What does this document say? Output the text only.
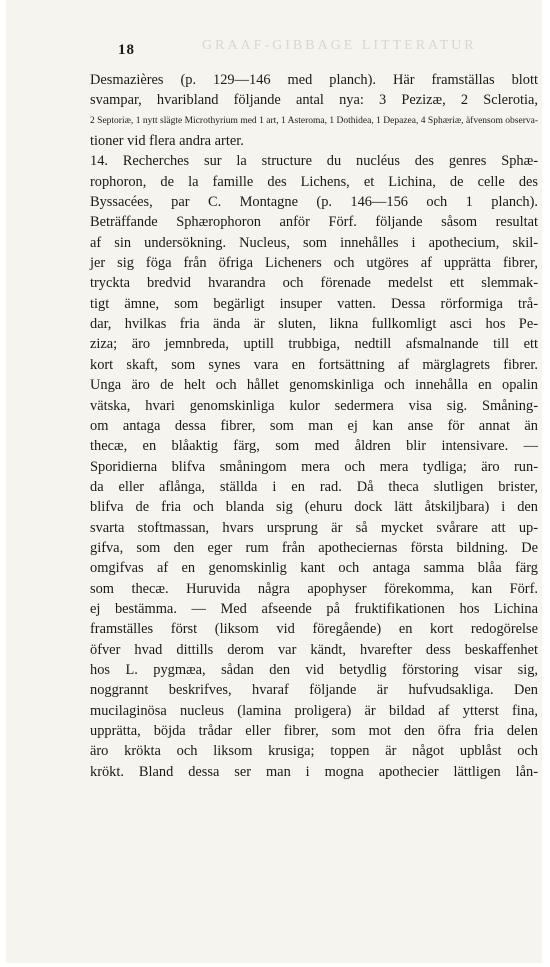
GRAAF-GIBBAGE LITTERATUR
18
Desmazières (p. 129—146 med planch). Här framställas blott
svampar, hvaribland följande antal nya: 3 Pezizæ, 2 Sclerotia,
2 Septoriæ, 1 nytt slägte Microthyrium med 1 art, 1 Asteroma, 1 Dothidea, 1 Depazea, 4 Sphæriæ, äfvensom observa-
tioner vid flera andra arter.
14. Recherches sur la structure du nucléus des genres Sphæ-
rophoron, de la famille des Lichens, et Lichina, de celle des
Byssacées, par C. Montagne (p. 146—156 och 1 planch).
Beträffande Sphærophoron anför Förf. följande såsom resultat
af sin undersökning. Nucleus, som innehålles i apothecium, skil-
jer sig föga från öfriga Licheners och utgöres af upprätta fibrer,
tryckta bredvid hvarandra och förenade medelst ett slemmak-
tigt ämne, som begärligt insuper vatten. Dessa rörformiga trå-
dar, hvilkas fria ända är sluten, likna fullkomligt asci hos Pe-
ziza; äro jemnbreda, uptill trubbiga, nedtill afsmalnande till ett
kort skaft, som synes vara en fortsättning af märglagrets fibrer.
Unga äro de helt och hållet genomskinliga och innehålla en opalin
vätska, hvari genomskinliga kulor sedermera visa sig. Småning-
om antaga dessa fibrer, som man ej kan anse för annat än
thecæ, en blåaktig färg, som med åldren blir intensivare. —
Sporidierna blifva småningom mera och mera tydliga; äro run-
da eller aflånga, ställda i en rad. Då theca slutligen brister,
blifva de fria och blanda sig (ehuru dock lätt åtskiljbara) i den
svarta stoftmassan, hvars ursprung är så mycket svårare att up-
gifva, som den eger rum från apotheciernas första bildning. De
omgifvas af en genomskinlig kant och antaga samma blåa färg
som thecæ. Huruvida några apophyser förekomma, kan Förf.
ej bestämma. — Med afseende på fruktifikationen hos Lichina
framställes först (liksom vid föregående) en kort redogörelse
öfver hvad dittills derom var kändt, hvarefter dess beskaffenhet
hos L. pygmæa, sådan den vid betydlig förstoring visar sig,
noggrannt beskrifves, hvaraf följande är hufvudsakliga. Den
mucilaginösa nucleus (lamina proligera) är bildad af ytterst fina,
upprätta, böjda trådar eller fibrer, som mot den öfra fria delen
äro krökta och liksom krusiga; toppen är något upblåst och
krökt. Bland dessa ser man i mogna apothecier lättligen lån-
